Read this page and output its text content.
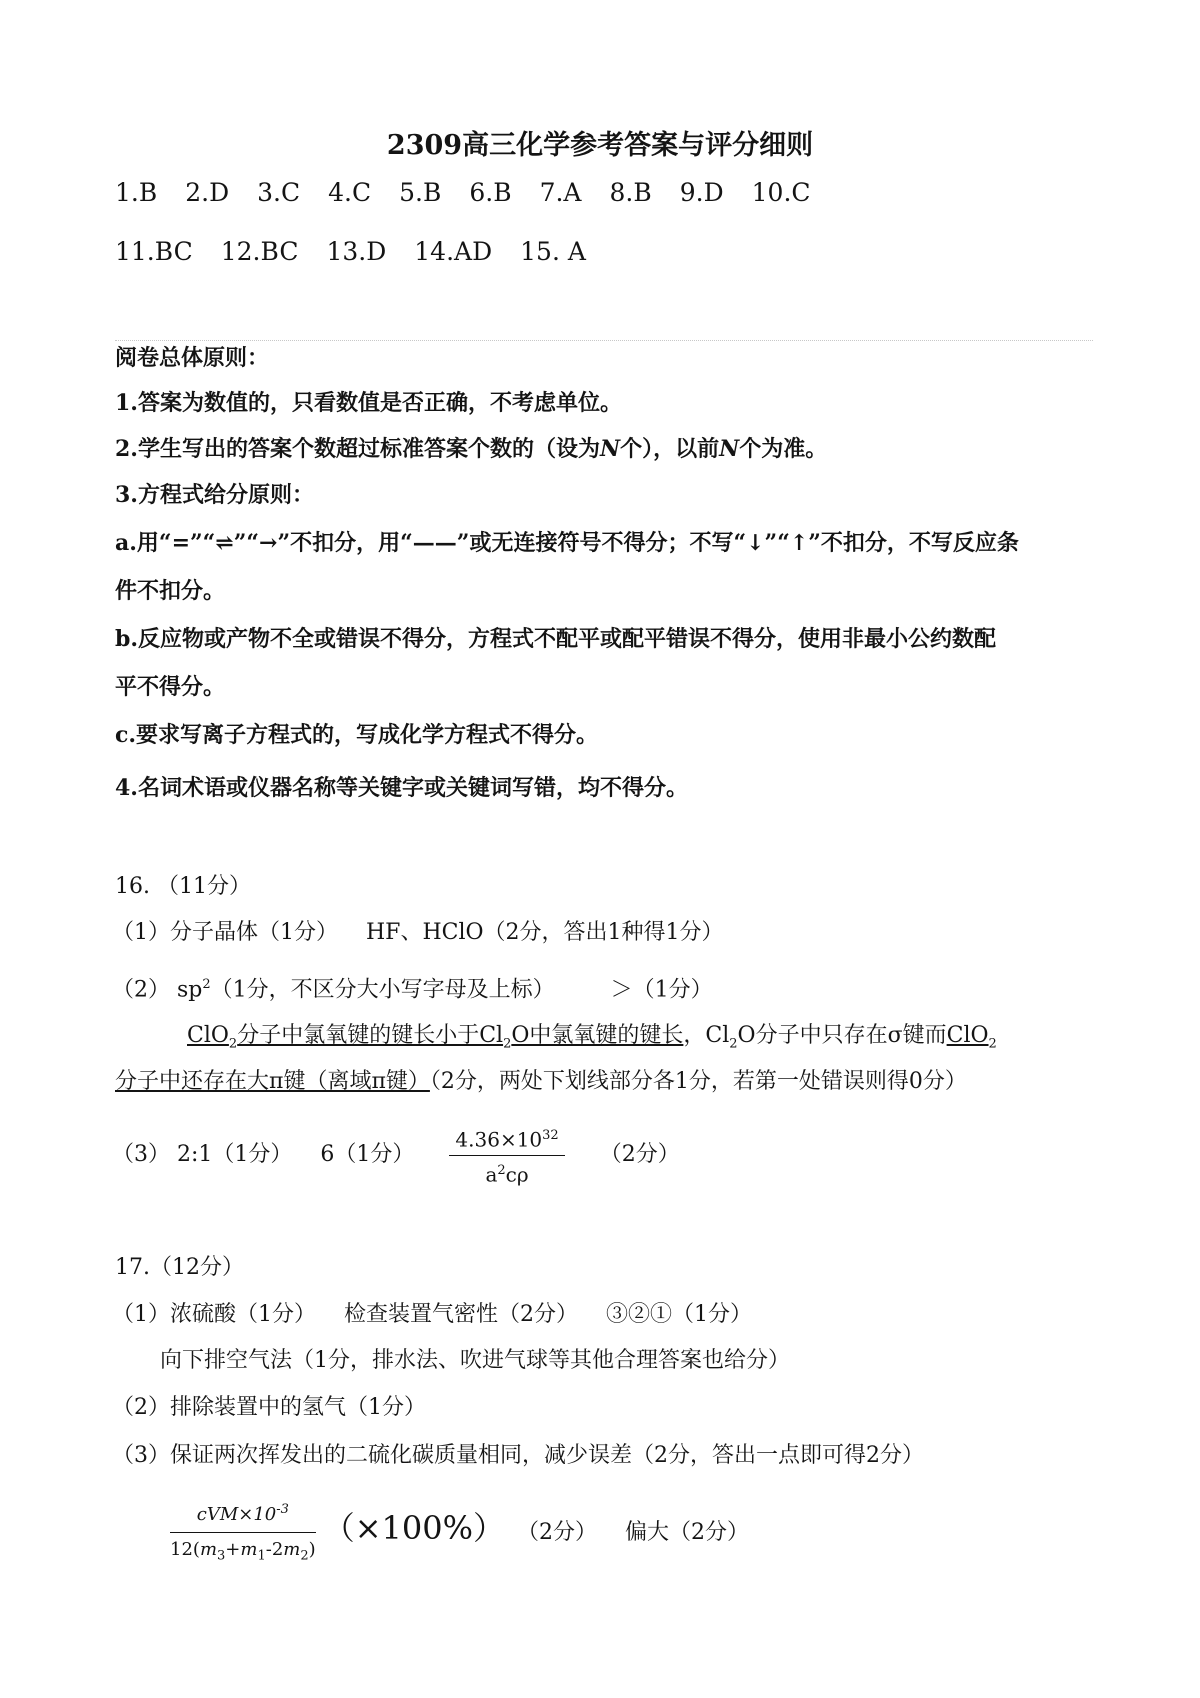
2309高三化学参考答案与评分细则
1.B 2.D 3.C 4.C 5.B 6.B 7.A 8.B 9.D 10.C
11.BC 12.BC 13.D 14.AD 15. A
阅卷总体原则：
1.答案为数值的，只看数值是否正确，不考虑单位。
2.学生写出的答案个数超过标准答案个数的（设为N个），以前N个为准。
3.方程式给分原则：
a.用“=”“⇌”“→”不扣分，用“——”或无连接符号不得分；不写“↓”“↑”不扣分，不写反应条
件不扣分。
b.反应物或产物不全或错误不得分，方程式不配平或配平错误不得分，使用非最小公约数配
平不得分。
c.要求写离子方程式的，写成化学方程式不得分。
4.名词术语或仪器名称等关键字或关键词写错，均不得分。
16. （11分）
（1）分子晶体（1分） HF、HClO（2分，答出1种得1分）
（2） $sp^2(1$分，不区分大小写字母及上标）	＞（1分）
ClO$_2$分子中氯氧键的键长小于$Cl_2O$中氯氧键的键长，$Cl_2O$分子中只存在σ键而ClO$_2$
分子中还存在大π键（离域π键）（2分，两处下划线部分各1分，若第一处错误则得0分）
（3） 2:1（1分） 6（1分） $\frac{4.36\times 10^{32}}{a^2c\rho} (2$分）
17.（12分）
（1）浓硫酸（1分） 检查装置气密性（2分） ③②①（1分）
向下排空气法（1分，排水法、吹进气球等其他合理答案也给分）
（2）排除装置中的氢气（1分）
（3）保证两次挥发出的二硫化碳质量相同，减少误差（2分，答出一点即可得2分）
$\frac{cVM\times 10^{-3}}{12(m_3+m_1-2m_2)} (\times 100\%)$ （2分） 偏大（2分）
